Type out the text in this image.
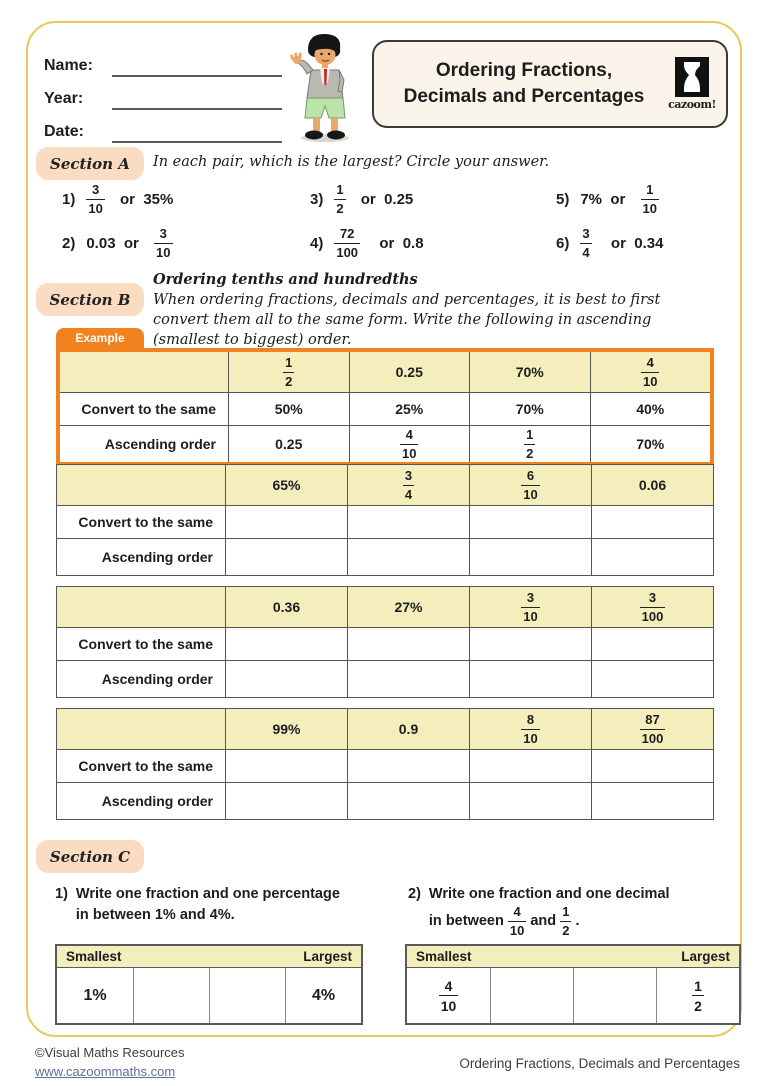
Name:
Year:
Date:
Ordering Fractions,
Decimals and Percentages	cazoom!
Section A	In each pair, which is the largest? Circle your answer.
$1) \frac{3}{10}$ or  35%	$3) \frac{1}{2}$ or  0.25	5) 7%  or $\frac{1}{10}$
2) 0.03  or $\frac{3}{10}$	$4) \frac{72}{100}$ or  0.8	$6) \frac{3}{4}$ or  0.34
Section B
Ordering tenths and hundredths
When ordering fractions, decimals and percentages, it is best to first convert them all to the same form. Write the following in ascending (smallest to biggest) order.
Example
$\frac{1}{2}$	0.25	70%	$\frac{4}{10}$
Convert to the same	50%	25%	70%	40%
Ascending order	0.25	$\frac{4}{10}$	$\frac{1}{2}$	70%
65%	$\frac{3}{4}$	$\frac{6}{10}$	0.06
Convert to the same
Ascending order
0.36	27%	$\frac{3}{10}$	$\frac{3}{100}$
Convert to the same
Ascending order
99%	0.9	$\frac{8}{10}$	$\frac{87}{100}$
Convert to the same
Ascending order
Section C
1) Write one fraction and one percentage
in between 1% and 4%.
2) Write one fraction and one decimal
in between $\frac{4}{10}$ and $\frac{1}{2}$ .
Smallest	Largest
1%	4%
Smallest	Largest
$\frac{4}{10}$	$\frac{1}{2}$
©Visual Maths Resources
www.cazoommaths.com
Ordering Fractions, Decimals and Percentages
